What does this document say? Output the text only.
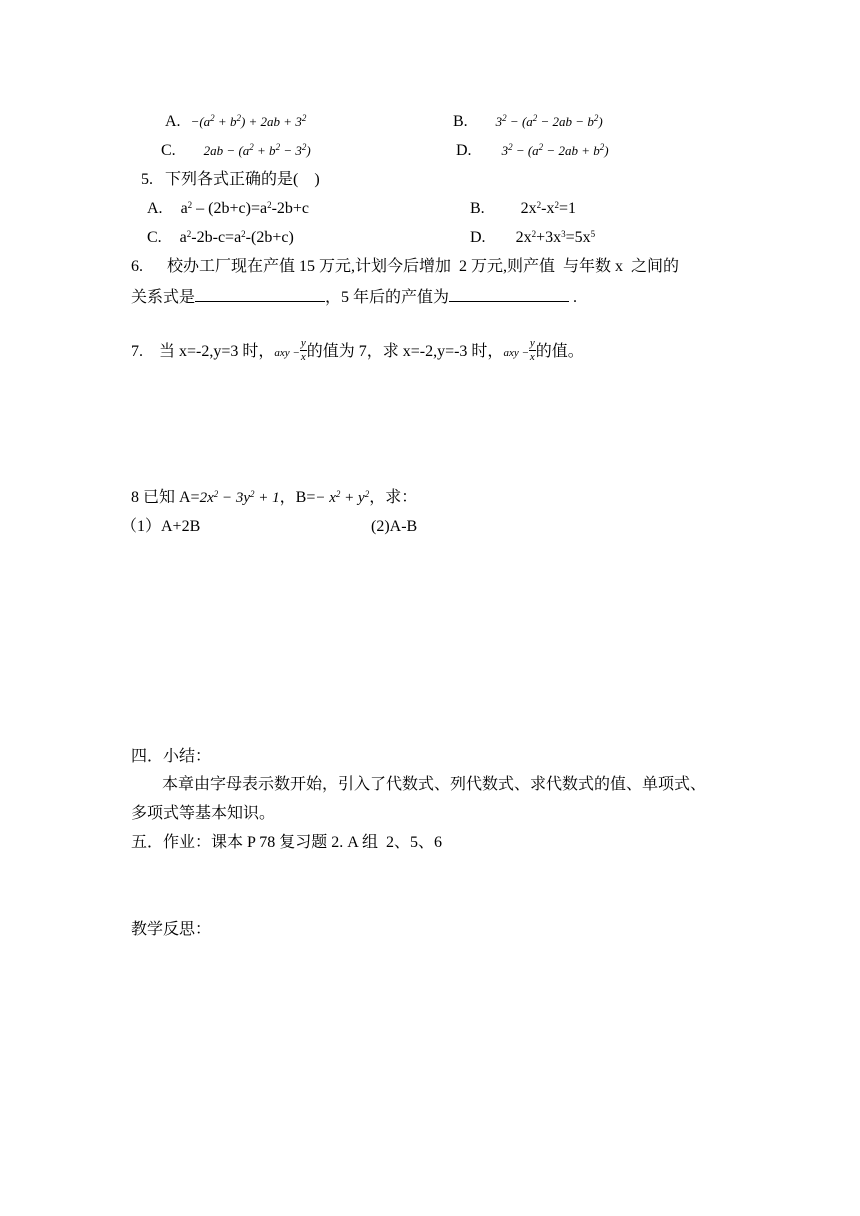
A. $-(a^2 + b^2) + 2ab + 3^2$	B. $3^2 - (a^2 - 2ab - b^2)$
C. $2ab - (a^2 + b^2 - 3^2)$	D. $3^2 - (a^2 - 2ab + b^2)$
5.   下列各式正确的是(    )
A. $a^2 - (2b+c)=a^2-2b+c$	B. $2x^2-x^2=1$
C. $a^2-2b-c=a^2-(2b+c)$	D. $2x^2+3x^3=5x^5$
6.      校办工厂现在产值 15 万元,计划今后增加  2 万元,则产值  与年数 x  之间的
关系式是	，5 年后的产值为	.
7.    当 x=-2,y=3 时，axy − $\frac{y}{x}$ 的值为 7，求 x=-2,y=-3 时，axy − $\frac{y}{x}$ 的值。
8 已知 $A=2x^2 - 3y^2 + 1$，$B=- x^2 + y^2$，求：
（1）A+2B	(2)A-B
四．小结：
本章由字母表示数开始，引入了代数式、列代数式、求代数式的值、单项式、
多项式等基本知识。
五．作业：课本 P 78 复习题 2. A 组  2、5、6
教学反思：
